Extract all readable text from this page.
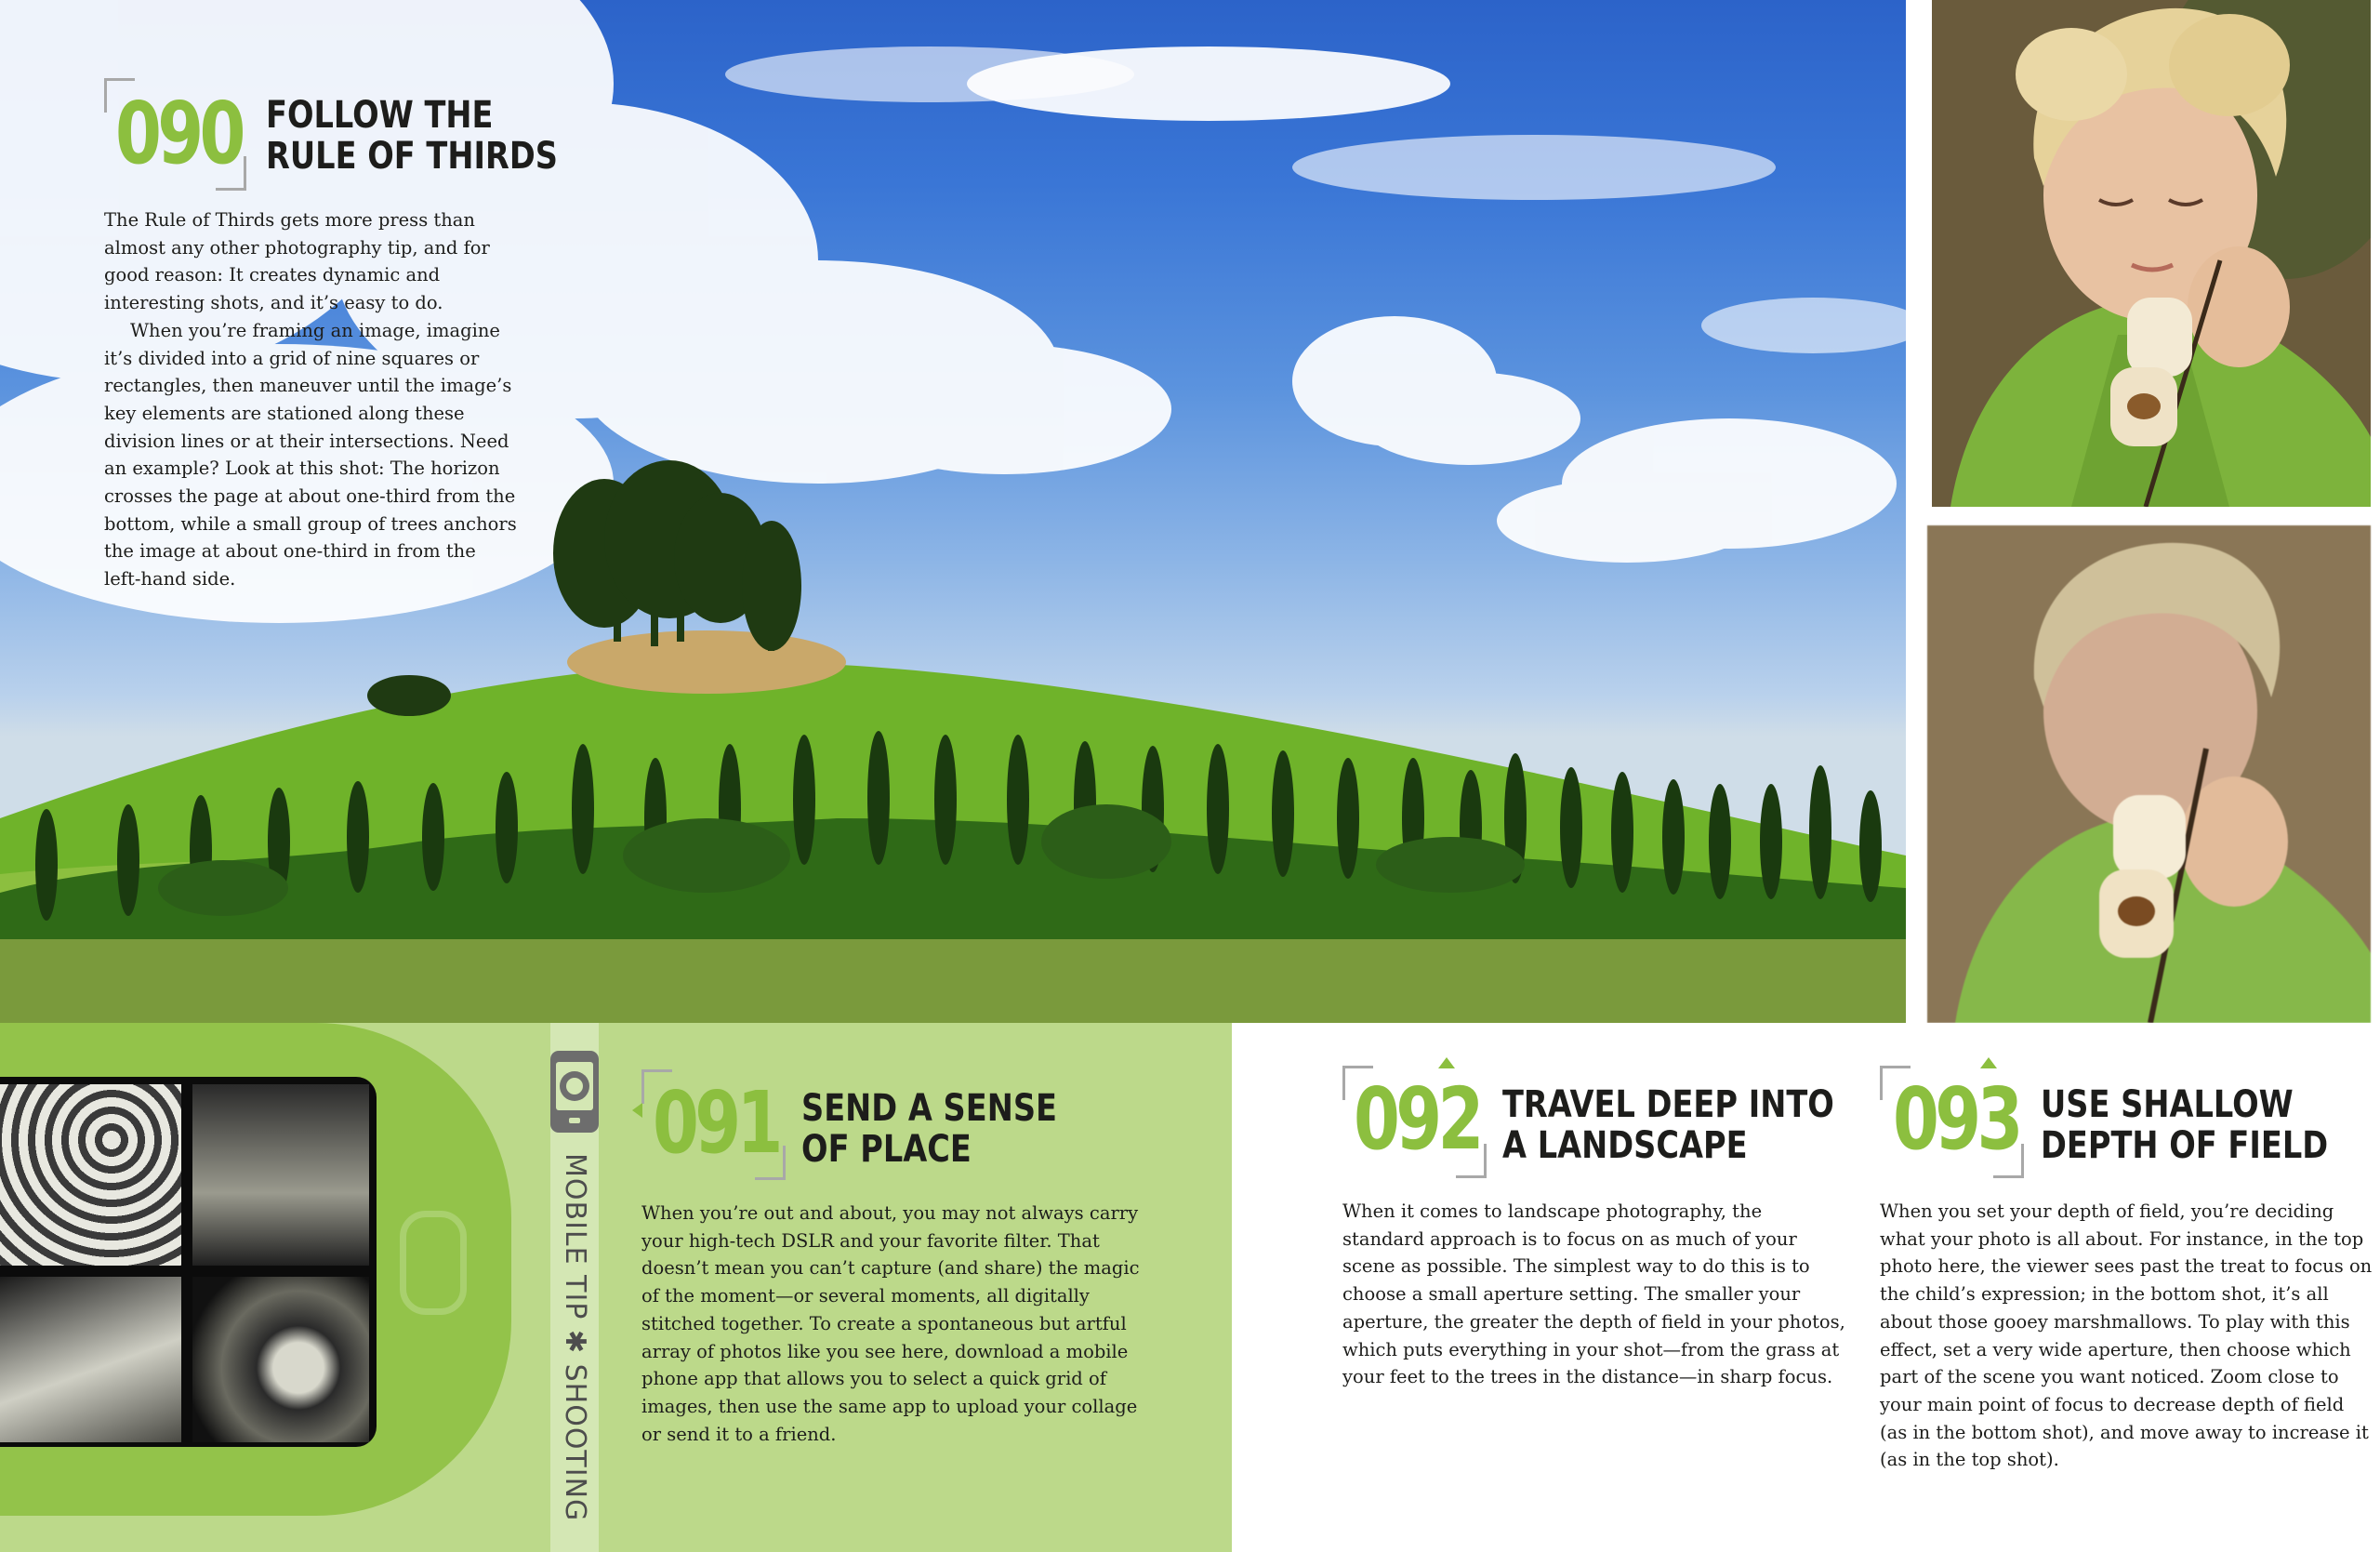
MOBILE TIP ✱ SHOOTING
090 FOLLOW THE
RULE OF THIRDS

The Rule of Thirds gets more press than almost any other photography tip, and for good reason: It creates dynamic and interesting shots, and it’s easy to do.

When you’re framing an image, imagine it’s divided into a grid of nine squares or rectangles, then maneuver until the image’s key elements are stationed along these division lines or at their intersections. Need an example? Look at this shot: The horizon crosses the page at about one-third from the bottom, while a small group of trees anchors the image at about one-third in from the left-hand side.

091 SEND A SENSE
OF PLACE

When you’re out and about, you may not always carry your high-tech DSLR and your favorite filter. That doesn’t mean you can’t capture (and share) the magic of the moment—or several moments, all digitally stitched together. To create a spontaneous but artful array of photos like you see here, download a mobile phone app that allows you to select a quick grid of images, then use the same app to upload your collage or send it to a friend.

092 TRAVEL DEEP INTO
A LANDSCAPE

When it comes to landscape photography, the standard approach is to focus on as much of your scene as possible. The simplest way to do this is to choose a small aperture setting. The smaller your aperture, the greater the depth of field in your photos, which puts everything in your shot—from the grass at your feet to the trees in the distance—in sharp focus.

093 USE SHALLOW
DEPTH OF FIELD

When you set your depth of field, you’re deciding what your photo is all about. For instance, in the top photo here, the viewer sees past the treat to focus on the child’s expression; in the bottom shot, it’s all about those gooey marshmallows. To play with this effect, set a very wide aperture, then choose which part of the scene you want noticed. Zoom close to your main point of focus to decrease depth of field (as in the bottom shot), and move away to increase it (as in the top shot).
